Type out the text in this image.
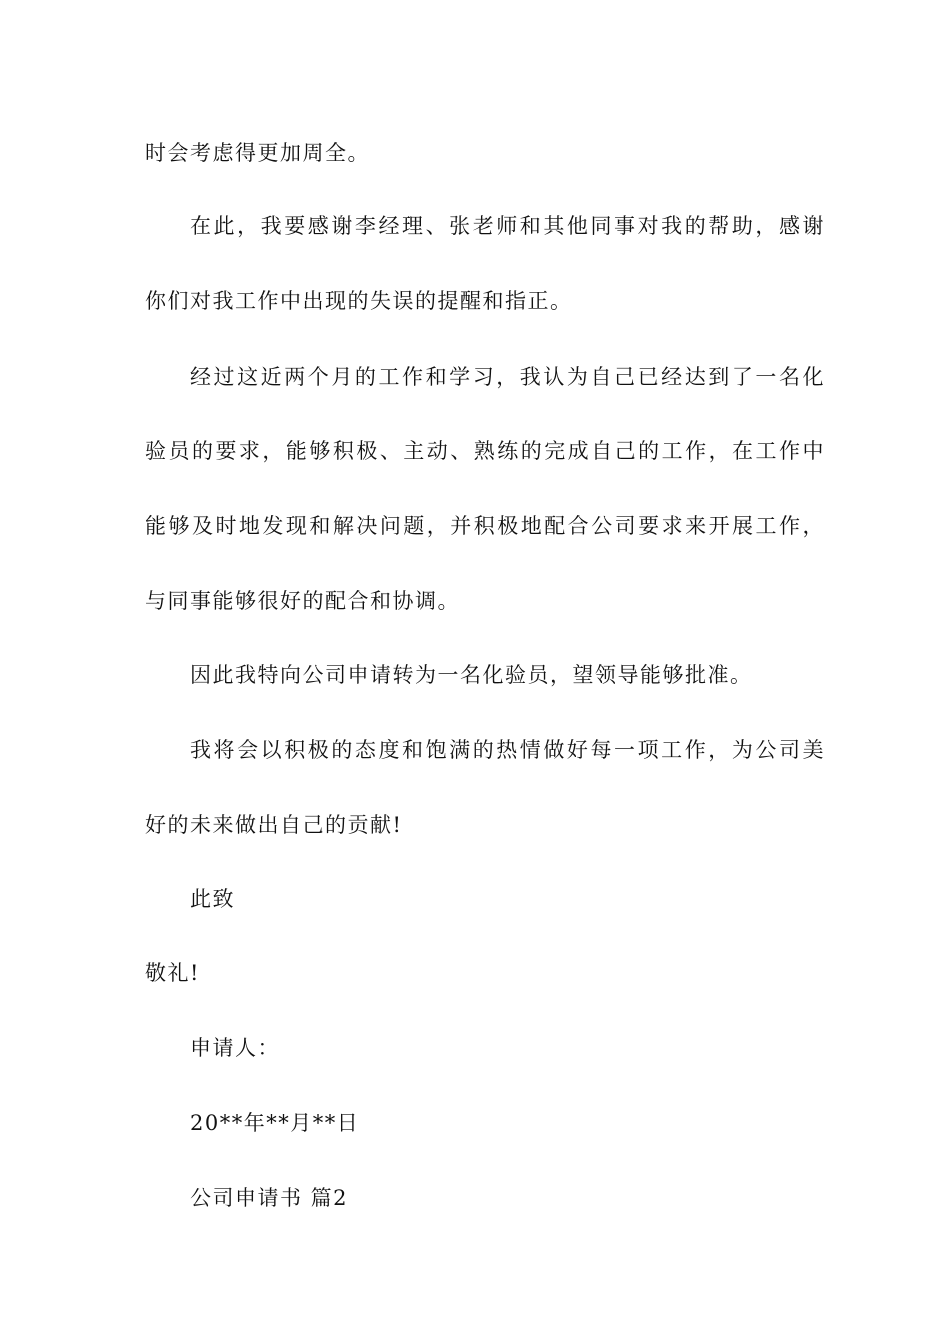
时会考虑得更加周全。

在此，我要感谢李经理、张老师和其他同事对我的帮助，感谢

你们对我工作中出现的失误的提醒和指正。

经过这近两个月的工作和学习，我认为自己已经达到了一名化

验员的要求，能够积极、主动、熟练的完成自己的工作，在工作中

能够及时地发现和解决问题，并积极地配合公司要求来开展工作，

与同事能够很好的配合和协调。

因此我特向公司申请转为一名化验员，望领导能够批准。

我将会以积极的态度和饱满的热情做好每一项工作，为公司美

好的未来做出自己的贡献!

此致

敬礼!

申请人：

20**年**月**日

公司申请书 篇2
